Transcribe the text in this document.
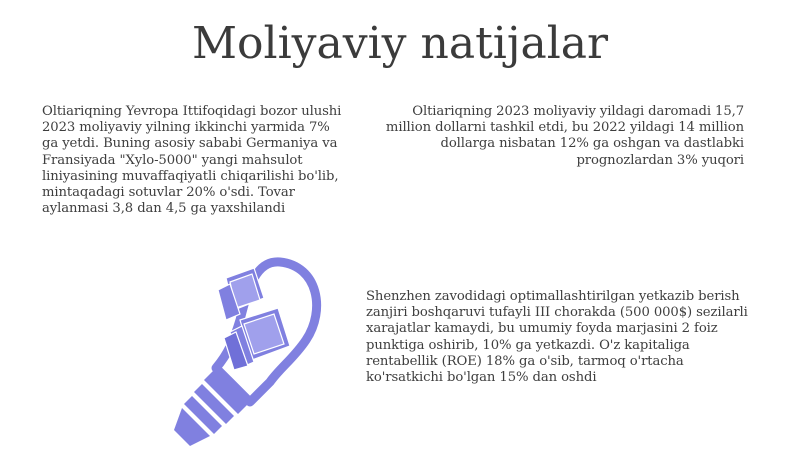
Moliyaviy natijalar

Oltiariqning Yevropa Ittifoqidagi bozor ulushi 2023 moliyaviy yilning ikkinchi yarmida 7% ga yetdi. Buning asosiy sababi Germaniya va Fransiyada "Xylo-5000" yangi mahsulot liniyasining muvaffaqiyatli chiqarilishi bo'lib, mintaqadagi sotuvlar 20% o'sdi. Tovar aylanmasi 3,8 dan 4,5 ga yaxshilandi

Oltiariqning 2023 moliyaviy yildagi daromadi 15,7 million dollarni tashkil etdi, bu 2022 yildagi 14 million dollarga nisbatan 12% ga oshgan va dastlabki prognozlardan 3% yuqori

Shenzhen zavodidagi optimallashtirilgan yetkazib berish zanjiri boshqaruvi tufayli III chorakda (500 000$) sezilarli xarajatlar kamaydi, bu umumiy foyda marjasini 2 foiz punktiga oshirib, 10% ga yetkazdi. O'z kapitaliga rentabellik (ROE) 18% ga o'sib, tarmoq o'rtacha ko'rsatkichi bo'lgan 15% dan oshdi
